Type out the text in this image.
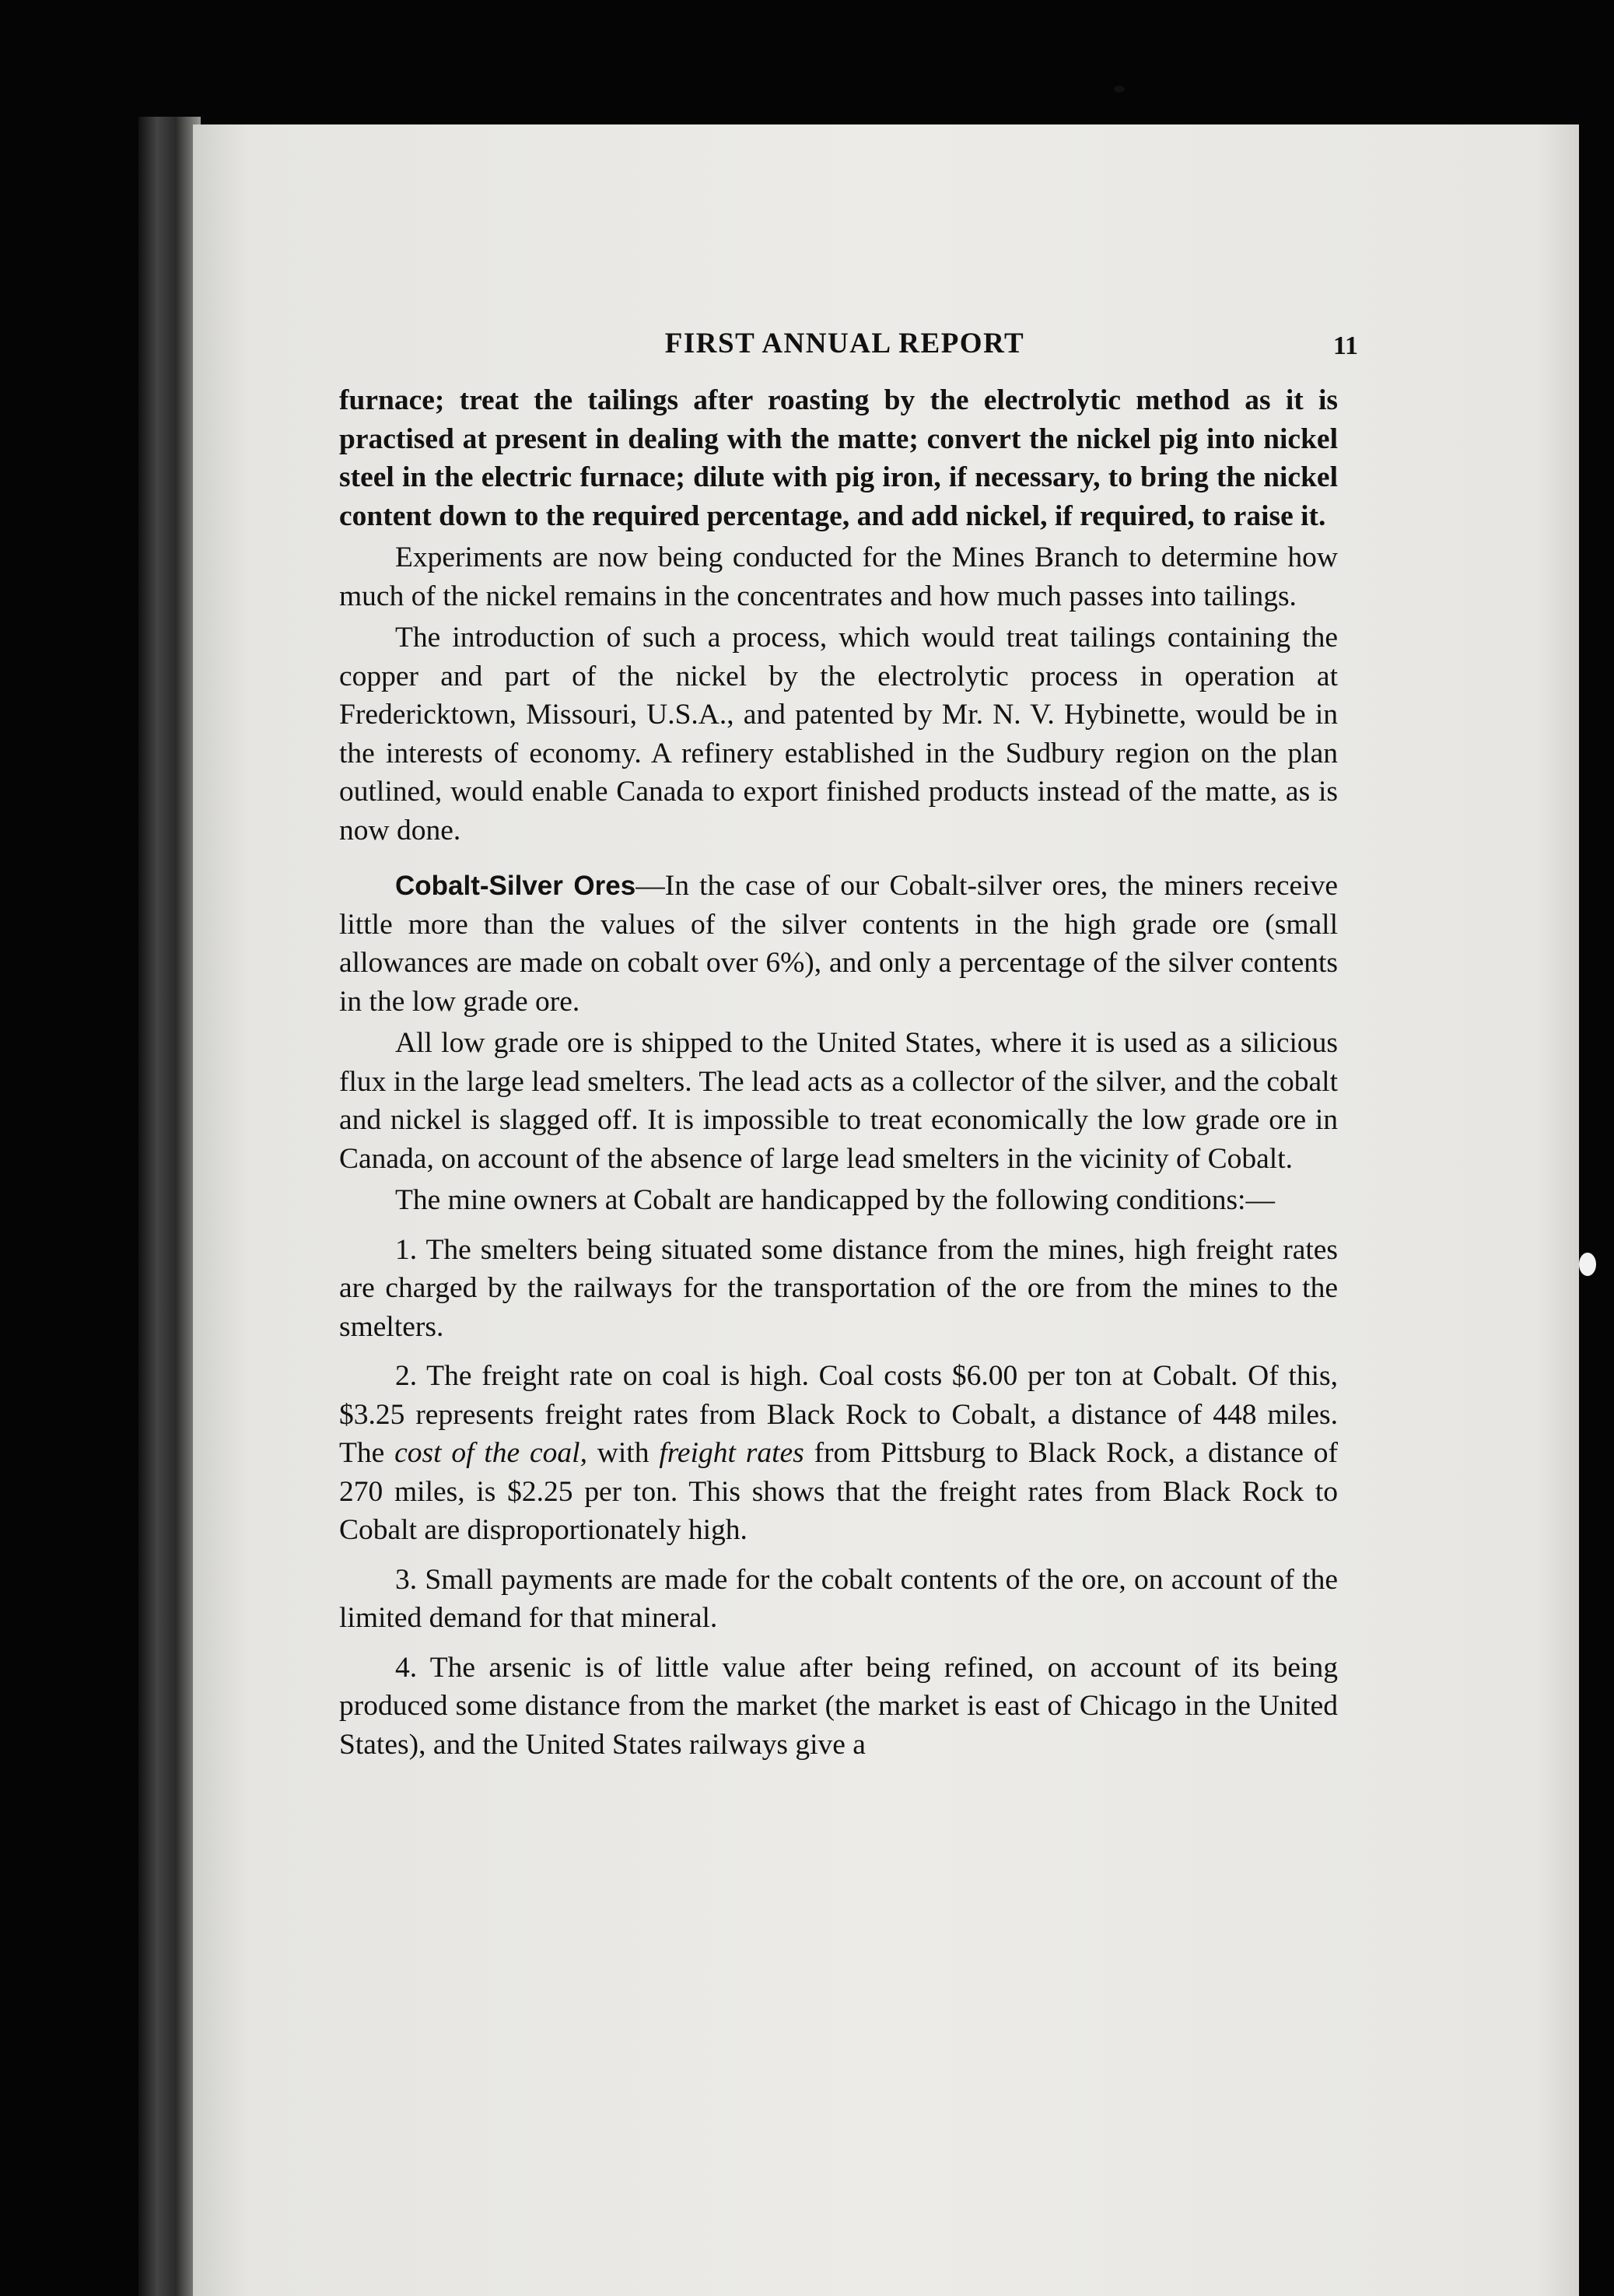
FIRST ANNUAL REPORT	11

furnace; treat the tailings after roasting by the electrolytic method as it is practised at present in dealing with the matte; convert the nickel pig into nickel steel in the electric furnace; dilute with pig iron, if necessary, to bring the nickel content down to the required percentage, and add nickel, if required, to raise it.

Experiments are now being conducted for the Mines Branch to determine how much of the nickel remains in the concentrates and how much passes into tailings.

The introduction of such a process, which would treat tailings containing the copper and part of the nickel by the electrolytic process in operation at Fredericktown, Missouri, U.S.A., and patented by Mr. N. V. Hybinette, would be in the interests of economy. A refinery established in the Sudbury region on the plan outlined, would enable Canada to export finished products instead of the matte, as is now done.

Cobalt-Silver Ores—In the case of our Cobalt-silver ores, the miners receive little more than the values of the silver contents in the high grade ore (small allowances are made on cobalt over 6%), and only a percentage of the silver contents in the low grade ore.

All low grade ore is shipped to the United States, where it is used as a silicious flux in the large lead smelters. The lead acts as a collector of the silver, and the cobalt and nickel is slagged off. It is impossible to treat economically the low grade ore in Canada, on account of the absence of large lead smelters in the vicinity of Cobalt.

The mine owners at Cobalt are handicapped by the following conditions:—

1. The smelters being situated some distance from the mines, high freight rates are charged by the railways for the transportation of the ore from the mines to the smelters.

2. The freight rate on coal is high. Coal costs $6.00 per ton at Cobalt. Of this, $3.25 represents freight rates from Black Rock to Cobalt, a distance of 448 miles. The cost of the coal, with freight rates from Pittsburg to Black Rock, a distance of 270 miles, is $2.25 per ton. This shows that the freight rates from Black Rock to Cobalt are disproportionately high.

3. Small payments are made for the cobalt contents of the ore, on account of the limited demand for that mineral.

4. The arsenic is of little value after being refined, on account of its being produced some distance from the market (the market is east of Chicago in the United States), and the United States railways give a
